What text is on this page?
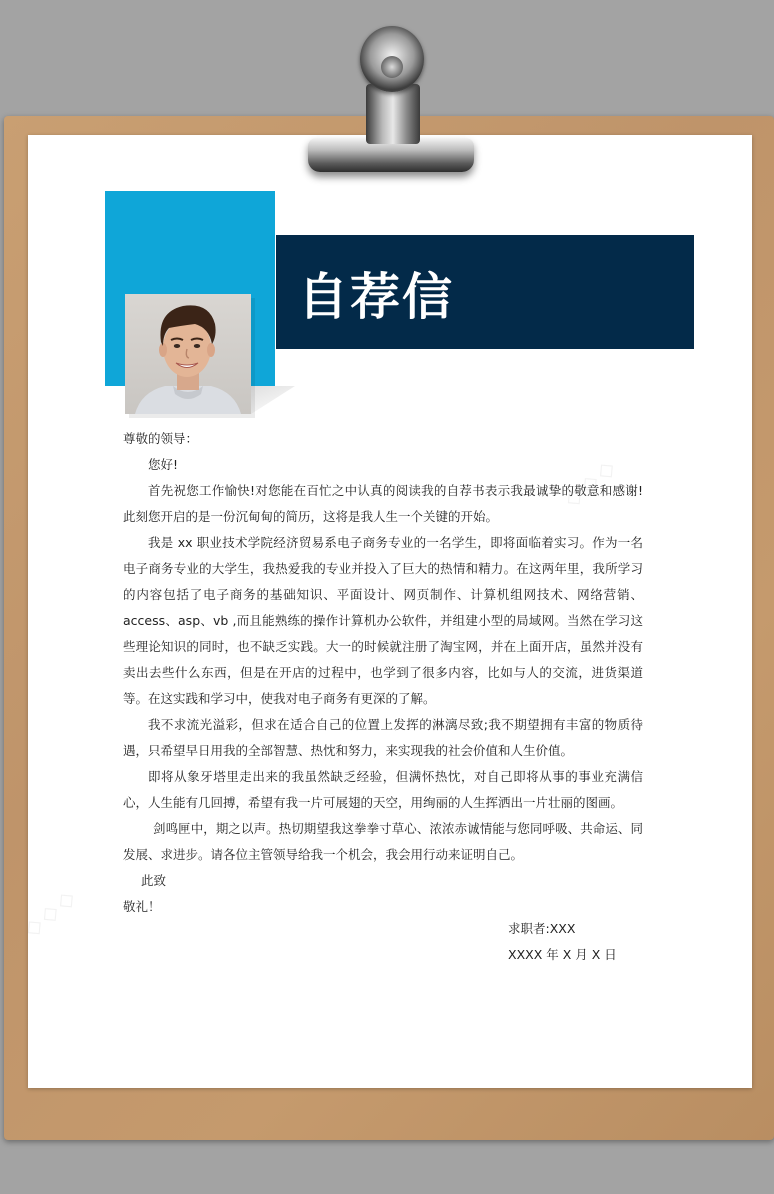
◇◇◇
◇◇◇
自荐信

尊敬的领导：

您好!

首先祝您工作愉快!对您能在百忙之中认真的阅读我的自荐书表示我最诚挚的敬意和感谢!此刻您开启的是一份沉甸甸的简历，这将是我人生一个关键的开始。

我是 xx 职业技术学院经济贸易系电子商务专业的一名学生，即将面临着实习。作为一名电子商务专业的大学生，我热爱我的专业并投入了巨大的热情和精力。在这两年里，我所学习的内容包括了电子商务的基础知识、平面设计、网页制作、计算机组网技术、网络营销、access、asp、vb ,而且能熟练的操作计算机办公软件，并组建小型的局域网。当然在学习这些理论知识的同时，也不缺乏实践。大一的时候就注册了淘宝网，并在上面开店，虽然并没有卖出去些什么东西，但是在开店的过程中，也学到了很多内容，比如与人的交流，进货渠道等。在这实践和学习中，使我对电子商务有更深的了解。

我不求流光溢彩，但求在适合自己的位置上发挥的淋漓尽致;我不期望拥有丰富的物质待遇，只希望早日用我的全部智慧、热忱和努力，来实现我的社会价值和人生价值。

即将从象牙塔里走出来的我虽然缺乏经验，但满怀热忱，对自己即将从事的事业充满信心，人生能有几回搏，希望有我一片可展翅的天空，用绚丽的人生挥洒出一片壮丽的图画。

剑鸣匣中，期之以声。热切期望我这拳拳寸草心、浓浓赤诚情能与您同呼吸、共命运、同发展、求进步。请各位主管领导给我一个机会，我会用行动来证明自己。

此致

敬礼！

求职者:XXX
XXXX 年 X 月 X 日
